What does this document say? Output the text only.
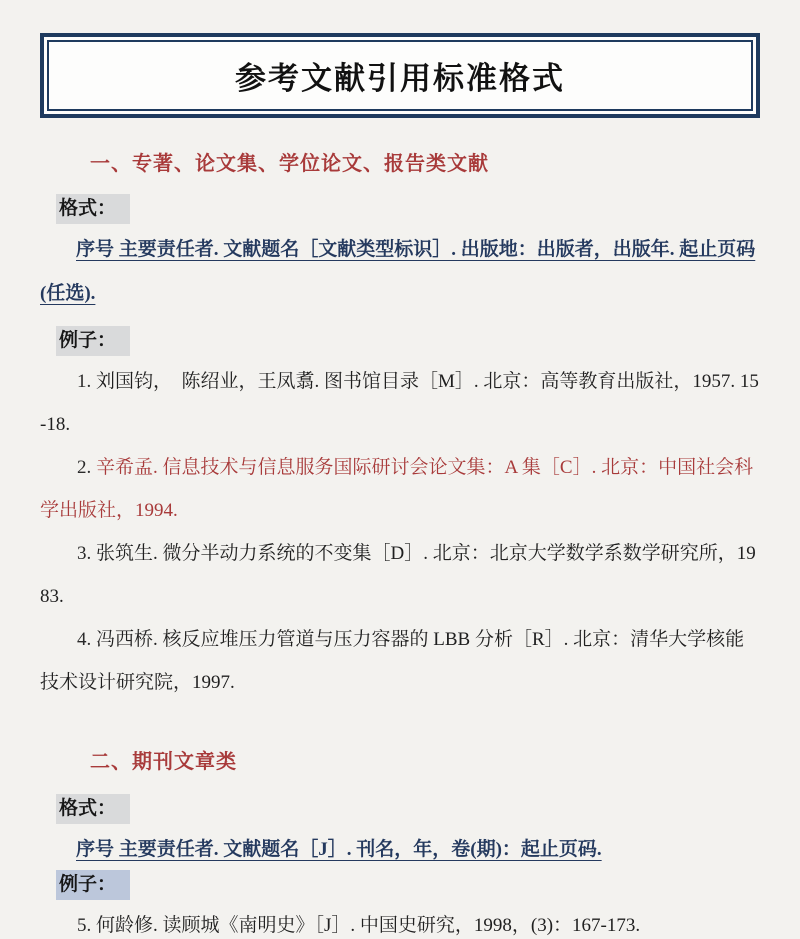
参考文献引用标准格式
一、专著、论文集、学位论文、报告类文献
格式：

序号 主要责任者. 文献题名［文献类型标识］. 出版地：出版者，出版年. 起止页码(任选).

例子：

1. 刘国钧，　陈绍业，王凤翥. 图书馆目录［M］. 北京：高等教育出版社，1957. 15-18.

2. 辛希孟. 信息技术与信息服务国际研讨会论文集：A 集［C］. 北京：中国社会科学出版社，1994.

3. 张筑生. 微分半动力系统的不变集［D］. 北京：北京大学数学系数学研究所，1983.

4. 冯西桥. 核反应堆压力管道与压力容器的 LBB 分析［R］. 北京：清华大学核能技术设计研究院，1997.

二、期刊文章类
格式：

序号 主要责任者. 文献题名［J］. 刊名，年，卷(期)：起止页码.

例子：

5. 何龄修. 读顾城《南明史》［J］. 中国史研究，1998，(3)：167-173.
